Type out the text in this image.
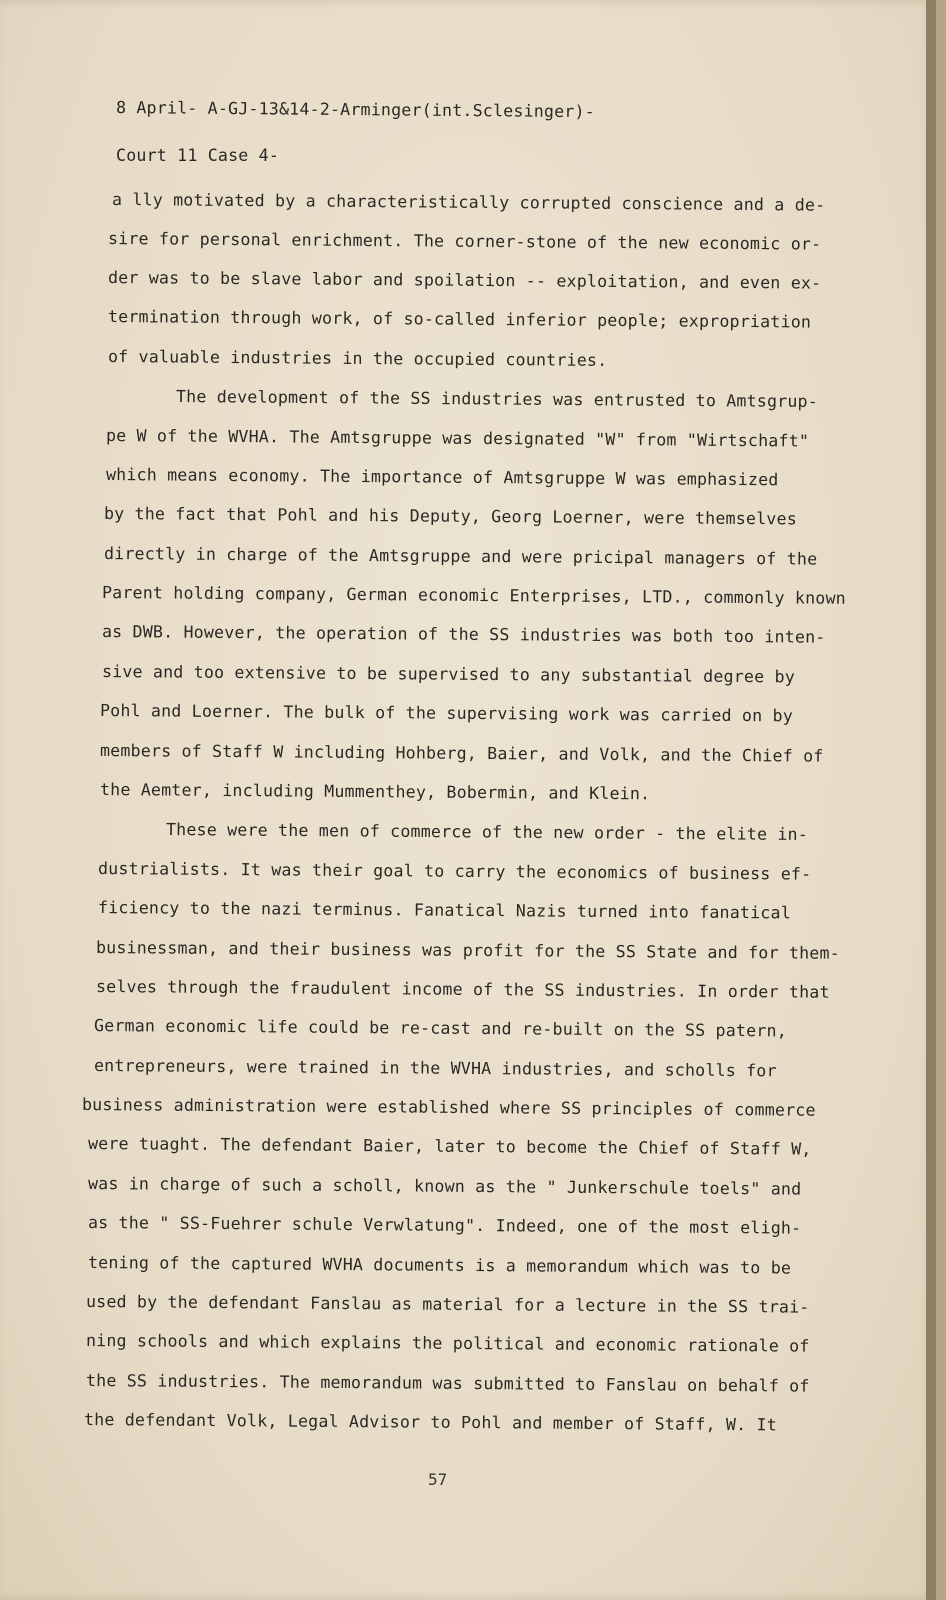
8 April- A-GJ-13&14-2-Arminger(int.Sclesinger)-
Court 11 Case 4-
a lly motivated by a characteristically corrupted conscience and a de-
sire for personal enrichment. The corner-stone of the new economic or-
der was to be slave labor and spoilation -- exploitation, and even ex-
termination through work, of so-called inferior people; expropriation
of valuable industries in the occupied countries.
The development of the SS industries was entrusted to Amtsgrup-
pe W of the WVHA. The Amtsgruppe was designated "W" from "Wirtschaft"
which means economy. The importance of Amtsgruppe W was emphasized
by the fact that Pohl and his Deputy, Georg Loerner, were themselves
directly in charge of the Amtsgruppe and were pricipal managers of the
Parent holding company, German economic Enterprises, LTD., commonly known
as DWB. However, the operation of the SS industries was both too inten-
sive and too extensive to be supervised to any substantial degree by
Pohl and Loerner. The bulk of the supervising work was carried on by
members of Staff W including Hohberg, Baier, and Volk, and the Chief of
the Aemter, including Mummenthey, Bobermin, and Klein.
These were the men of commerce of the new order - the elite in-
dustrialists. It was their goal to carry the economics of business ef-
ficiency to the nazi terminus. Fanatical Nazis turned into fanatical
businessman, and their business was profit for the SS State and for them-
selves through the fraudulent income of the SS industries. In order that
German economic life could be re-cast and re-built on the SS patern,
entrepreneurs, were trained in the WVHA industries, and scholls for
business administration were established where SS principles of commerce
were tuaght. The defendant Baier, later to become the Chief of Staff W,
was in charge of such a scholl, known as the " Junkerschule toels" and
as the " SS-Fuehrer schule Verwlatung". Indeed, one of the most eligh-
tening of the captured WVHA documents is a memorandum which was to be
used by the defendant Fanslau as material for a lecture in the SS trai-
ning schools and which explains the political and economic rationale of
the SS industries. The memorandum was submitted to Fanslau on behalf of
the defendant Volk, Legal Advisor to Pohl and member of Staff, W. It
57
